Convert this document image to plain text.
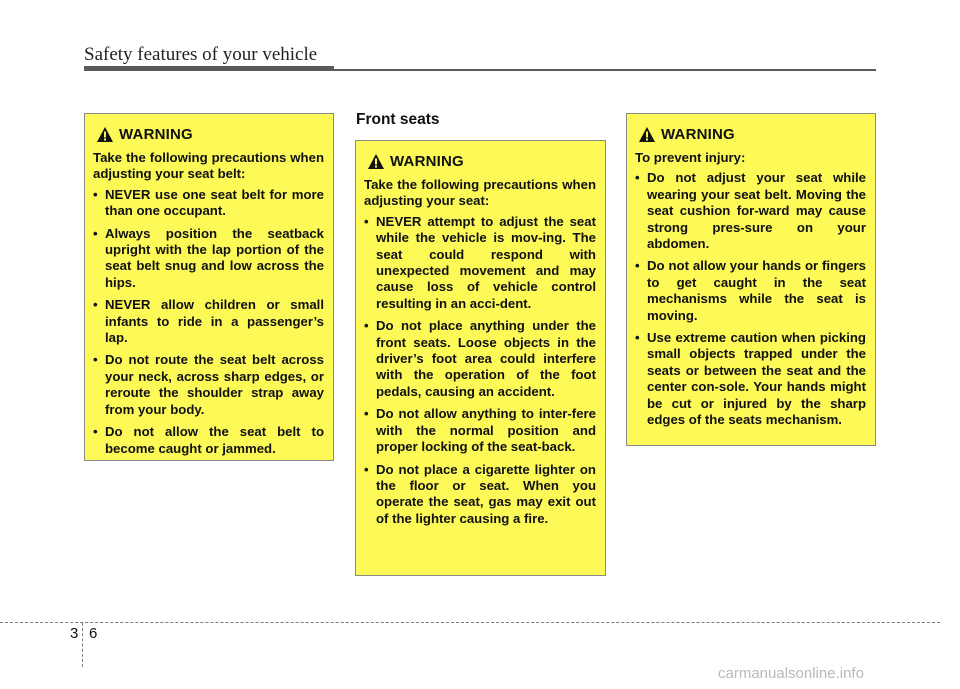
Safety features of your vehicle
Front seats
WARNING

Take the following precautions when adjusting your seat belt:

• NEVER use one seat belt for more than one occupant.
• Always position the seatback upright with the lap portion of the seat belt snug and low across the hips.
• NEVER allow children or small infants to ride in a passenger’s lap.
• Do not route the seat belt across your neck, across sharp edges, or reroute the shoulder strap away from your body.
• Do not allow the seat belt to become caught or jammed.
WARNING

Take the following precautions when adjusting your seat:

• NEVER attempt to adjust the seat while the vehicle is mov-ing. The seat could respond with unexpected movement and may cause loss of vehicle control resulting in an acci-dent.
• Do not place anything under the front seats. Loose objects in the driver’s foot area could interfere with the operation of the foot pedals, causing an accident.
• Do not allow anything to inter-fere with the normal position and proper locking of the seat-back.
• Do not place a cigarette lighter on the floor or seat. When you operate the seat, gas may exit out of the lighter causing a fire.
WARNING

To prevent injury:

• Do not adjust your seat while wearing your seat belt. Moving the seat cushion for-ward may cause strong pres-sure on your abdomen.
• Do not allow your hands or fingers to get caught in the seat mechanisms while the seat is moving.
• Use extreme caution when picking small objects trapped under the seats or between the seat and the center con-sole. Your hands might be cut or injured by the sharp edges of the seats mechanism.
3 6
carmanualsonline.info
